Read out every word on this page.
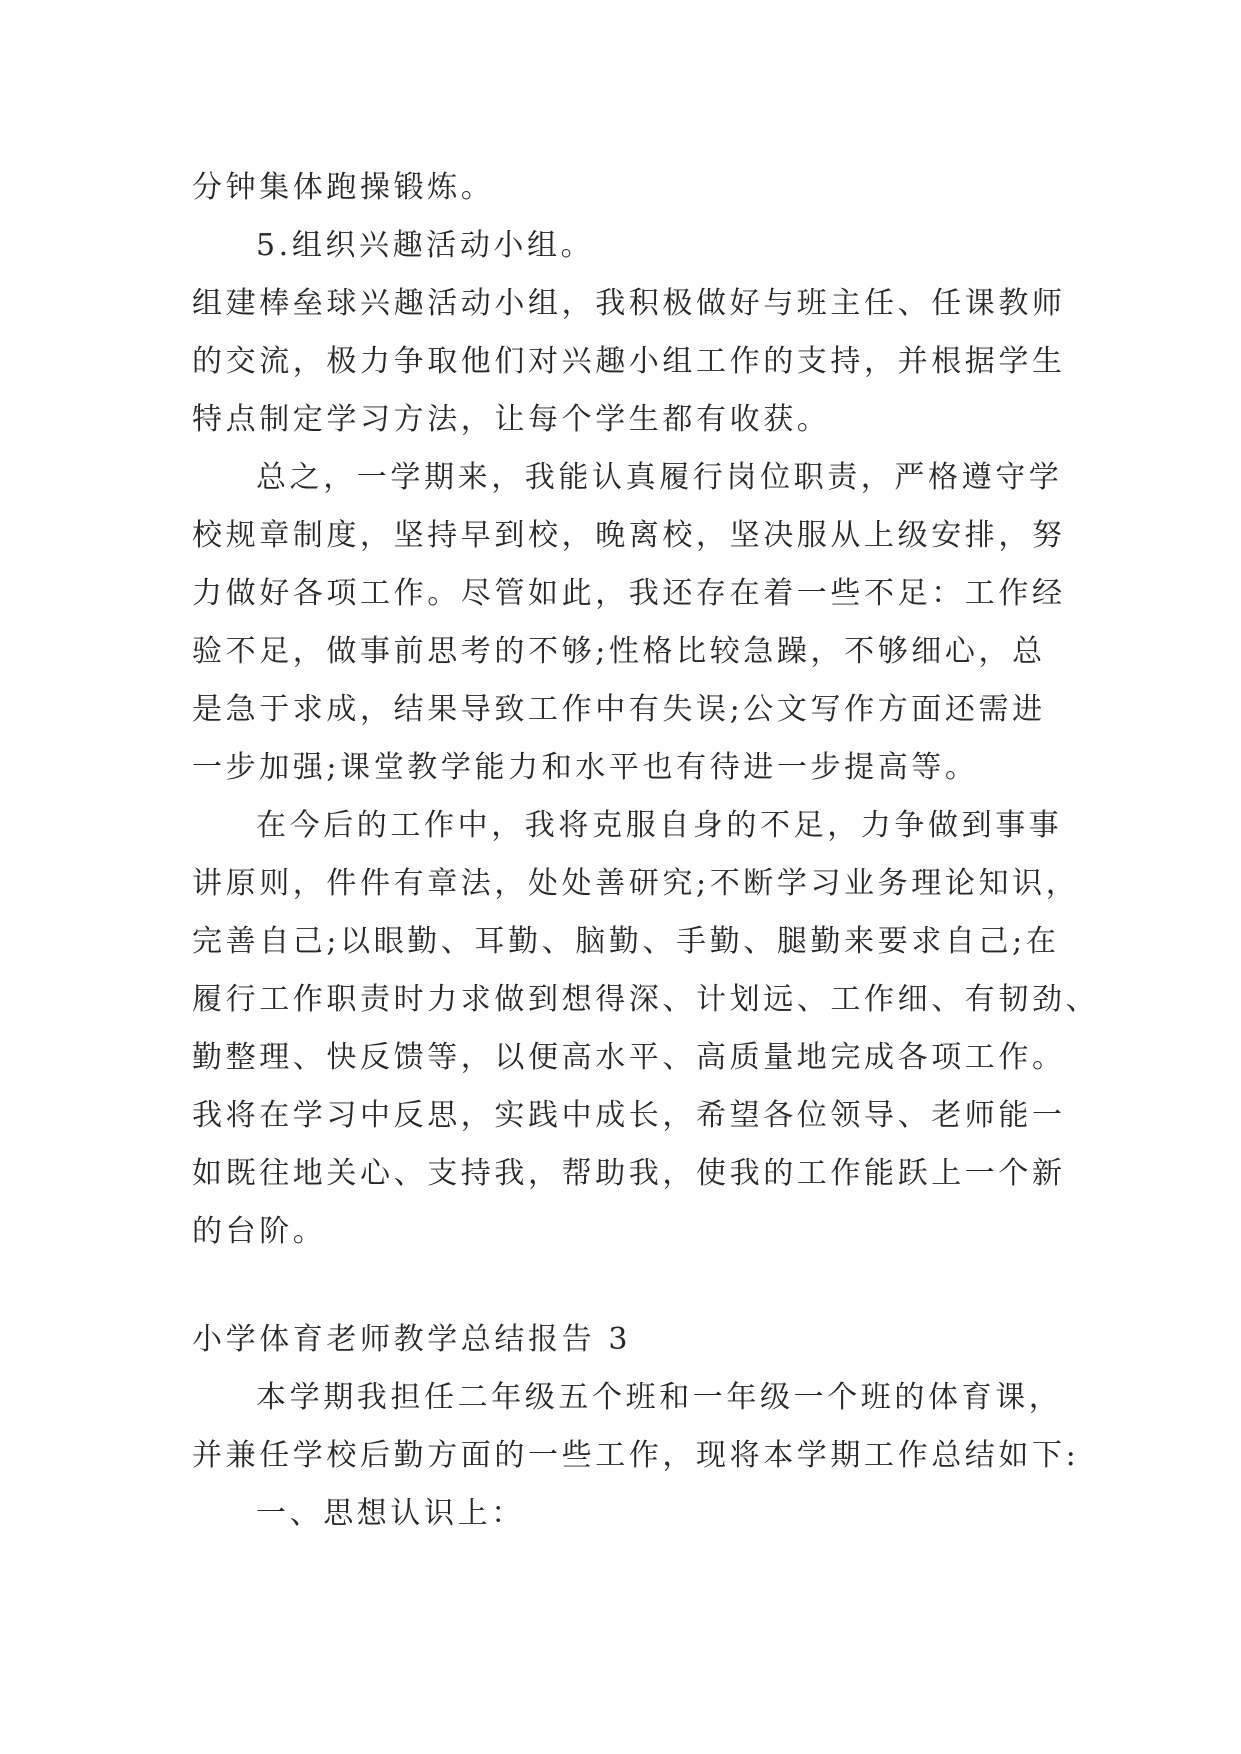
分钟集体跑操锻炼。
5.组织兴趣活动小组。
组建棒垒球兴趣活动小组，我积极做好与班主任、任课教师
的交流，极力争取他们对兴趣小组工作的支持，并根据学生
特点制定学习方法，让每个学生都有收获。
总之，一学期来，我能认真履行岗位职责，严格遵守学
校规章制度，坚持早到校，晚离校，坚决服从上级安排，努
力做好各项工作。尽管如此，我还存在着一些不足：工作经
验不足，做事前思考的不够;性格比较急躁，不够细心，总
是急于求成，结果导致工作中有失误;公文写作方面还需进
一步加强;课堂教学能力和水平也有待进一步提高等。
在今后的工作中，我将克服自身的不足，力争做到事事
讲原则，件件有章法，处处善研究;不断学习业务理论知识，
完善自己;以眼勤、耳勤、脑勤、手勤、腿勤来要求自己;在
履行工作职责时力求做到想得深、计划远、工作细、有韧劲、
勤整理、快反馈等，以便高水平、高质量地完成各项工作。
我将在学习中反思，实践中成长，希望各位领导、老师能一
如既往地关心、支持我，帮助我，使我的工作能跃上一个新
的台阶。
小学体育老师教学总结报告 3
本学期我担任二年级五个班和一年级一个班的体育课，
并兼任学校后勤方面的一些工作，现将本学期工作总结如下:
一、思想认识上：
